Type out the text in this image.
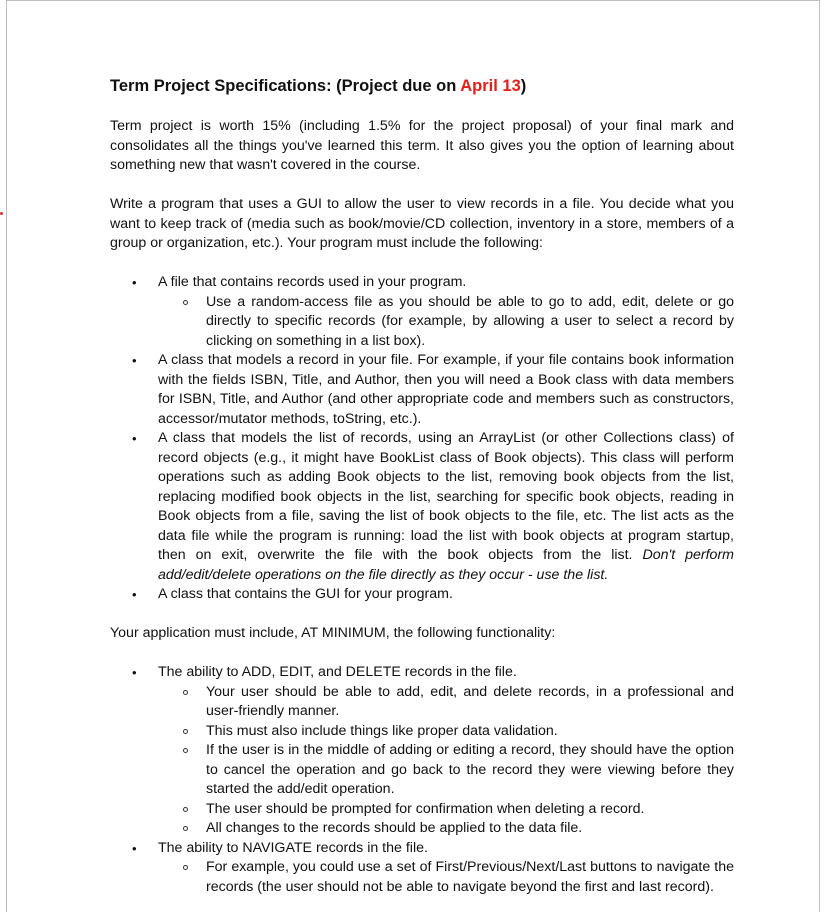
Term Project Specifications: (Project due on April 13)

Term project is worth 15% (including 1.5% for the project proposal) of your final mark and consolidates all the things you've learned this term. It also gives you the option of learning about something new that wasn't covered in the course.

Write a program that uses a GUI to allow the user to view records in a file. You decide what you want to keep track of (media such as book/movie/CD collection, inventory in a store, members of a group or organization, etc.). Your program must include the following:

• A file that contains records used in your program.
Use a random-access file as you should be able to go to add, edit, delete or go directly to specific records (for example, by allowing a user to select a record by clicking on something in a list box).
• A class that models a record in your file. For example, if your file contains book information with the fields ISBN, Title, and Author, then you will need a Book class with data members for ISBN, Title, and Author (and other appropriate code and members such as constructors, accessor/mutator methods, toString, etc.).
• A class that models the list of records, using an ArrayList (or other Collections class) of record objects (e.g., it might have BookList class of Book objects). This class will perform operations such as adding Book objects to the list, removing book objects from the list, replacing modified book objects in the list, searching for specific book objects, reading in Book objects from a file, saving the list of book objects to the file, etc. The list acts as the data file while the program is running: load the list with book objects at program startup, then on exit, overwrite the file with the book objects from the list. Don't perform add/edit/delete operations on the file directly as they occur - use the list.
• A class that contains the GUI for your program.

Your application must include, AT MINIMUM, the following functionality:

• The ability to ADD, EDIT, and DELETE records in the file.
Your user should be able to add, edit, and delete records, in a professional and user-friendly manner.
This must also include things like proper data validation.
If the user is in the middle of adding or editing a record, they should have the option to cancel the operation and go back to the record they were viewing before they started the add/edit operation.
The user should be prompted for confirmation when deleting a record.
All changes to the records should be applied to the data file.
• The ability to NAVIGATE records in the file.
For example, you could use a set of First/Previous/Next/Last buttons to navigate the records (the user should not be able to navigate beyond the first and last record).
